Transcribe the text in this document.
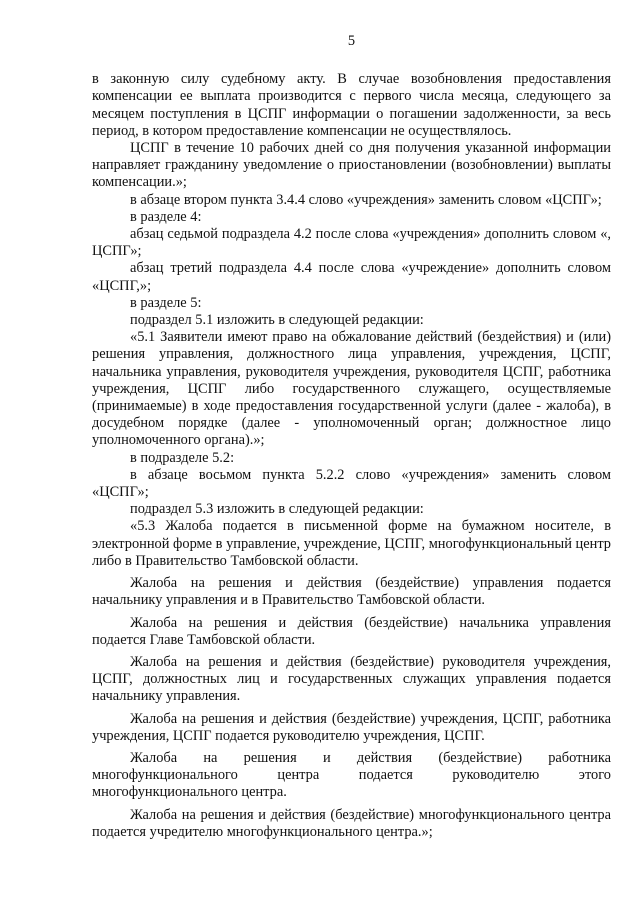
5

в законную силу судебному акту. В случае возобновления предоставления компенсации ее выплата производится с первого числа месяца, следующего за месяцем поступления в ЦСПГ информации о погашении задолженности, за весь период, в котором предоставление компенсации не осуществлялось.

ЦСПГ в течение 10 рабочих дней со дня получения указанной информации направляет гражданину уведомление о приостановлении (возобновлении) выплаты компенсации.»;

в абзаце втором пункта 3.4.4 слово «учреждения» заменить словом «ЦСПГ»;

в разделе 4:

абзац седьмой подраздела 4.2 после слова «учреждения» дополнить словом «, ЦСПГ»;

абзац третий подраздела 4.4 после слова «учреждение» дополнить словом «ЦСПГ,»;

в разделе 5:

подраздел 5.1 изложить в следующей редакции:

«5.1 Заявители имеют право на обжалование действий (бездействия) и (или) решения управления, должностного лица управления, учреждения, ЦСПГ, начальника управления, руководителя учреждения, руководителя ЦСПГ, работника учреждения, ЦСПГ либо государственного служащего, осуществляемые (принимаемые) в ходе предоставления государственной услуги (далее - жалоба), в досудебном порядке (далее - уполномоченный орган; должностное лицо уполномоченного органа).»;

в подразделе 5.2:

в абзаце восьмом пункта 5.2.2 слово «учреждения» заменить словом «ЦСПГ»;

подраздел 5.3 изложить в следующей редакции:

«5.3 Жалоба подается в письменной форме на бумажном носителе, в электронной форме в управление, учреждение, ЦСПГ, многофункциональный центр либо в Правительство Тамбовской области.

Жалоба на решения и действия (бездействие) управления подается начальнику управления и в Правительство Тамбовской области.

Жалоба на решения и действия (бездействие) начальника управления подается Главе Тамбовской области.

Жалоба на решения и действия (бездействие) руководителя учреждения, ЦСПГ, должностных лиц и государственных служащих управления подается начальнику управления.

Жалоба на решения и действия (бездействие) учреждения, ЦСПГ, работника учреждения, ЦСПГ подается руководителю учреждения, ЦСПГ.

Жалоба на решения и действия (бездействие) работника многофункционального центра подается руководителю этого многофункционального центра.

Жалоба на решения и действия (бездействие) многофункционального центра подается учредителю многофункционального центра.»;
